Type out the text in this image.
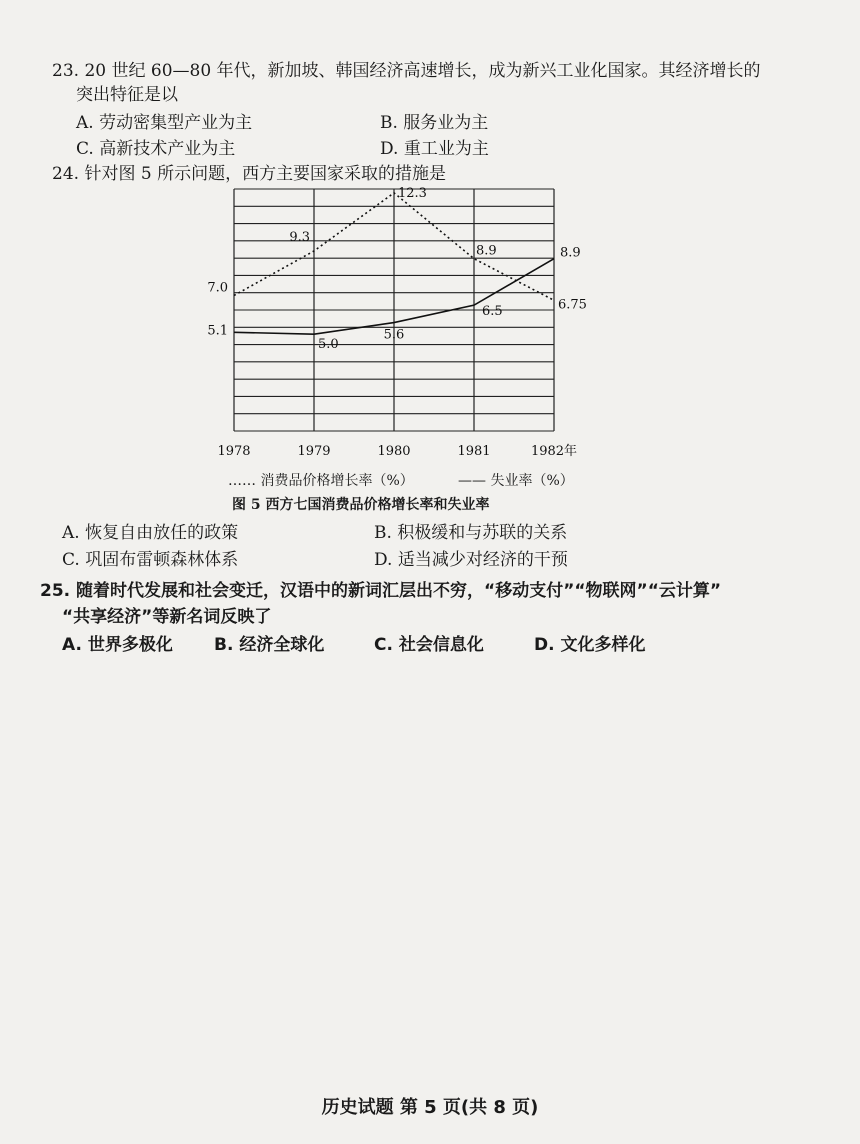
23. 20 世纪 60—80 年代，新加坡、韩国经济高速增长，成为新兴工业化国家。其经济增长的
突出特征是以
A. 劳动密集型产业为主	B. 服务业为主
C. 高新技术产业为主	D. 重工业为主
24. 针对图 5 所示问题，西方主要国家采取的措施是
7.0
9.3
12.3
8.9
6.75
5.1
5.0
5.6
6.5
8.9
1978	1979	1980	1981	1982年
…… 消费品价格增长率（%）	—— 失业率（%）
图 5 西方七国消费品价格增长率和失业率
A. 恢复自由放任的政策	B. 积极缓和与苏联的关系
C. 巩固布雷顿森林体系	D. 适当减少对经济的干预
25. 随着时代发展和社会变迁，汉语中的新词汇层出不穷，“移动支付”“物联网”“云计算”
“共享经济”等新名词反映了
A. 世界多极化 B. 经济全球化	C. 社会信息化	D. 文化多样化
历史试题 第 5 页(共 8 页)
